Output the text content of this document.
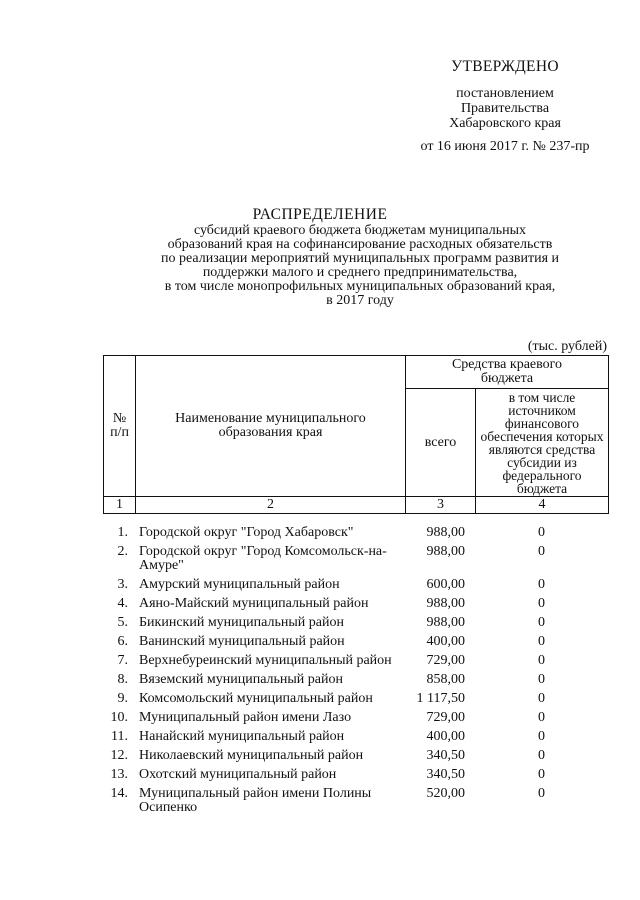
УТВЕРЖДЕНО
постановлением
Правительства
Хабаровского края
от 16 июня 2017 г. № 237-пр
РАСПРЕДЕЛЕНИЕ
субсидий краевого бюджета бюджетам муниципальных
образований края на софинансирование расходных обязательств
по реализации мероприятий муниципальных программ развития и
поддержки малого и среднего предпринимательства,
в том числе монопрофильных муниципальных образований края,
в 2017 году
(тыс. рублей)
№ п/п	Наименование муниципального образования края	Средства краевого бюджета	
		всего	в том числе источником финансового обеспечения которых являются средства субсидии из федерального бюджета
1	2	3	4
1.	Городской округ "Город Хабаровск"	988,00	0
2.	Городской округ "Город Комсомольск-на-Амуре"	988,00	0
3.	Амурский муниципальный район	600,00	0
4.	Аяно-Майский муниципальный район	988,00	0
5.	Бикинский муниципальный район	988,00	0
6.	Ванинский муниципальный район	400,00	0
7.	Верхнебуреинский муниципальный район	729,00	0
8.	Вяземский муниципальный район	858,00	0
9.	Комсомольский муниципальный район	1 117,50	0
10.	Муниципальный район имени Лазо	729,00	0
11.	Нанайский муниципальный район	400,00	0
12.	Николаевский муниципальный район	340,50	0
13.	Охотский муниципальный район	340,50	0
14.	Муниципальный район имени Полины Осипенко	520,00	0
